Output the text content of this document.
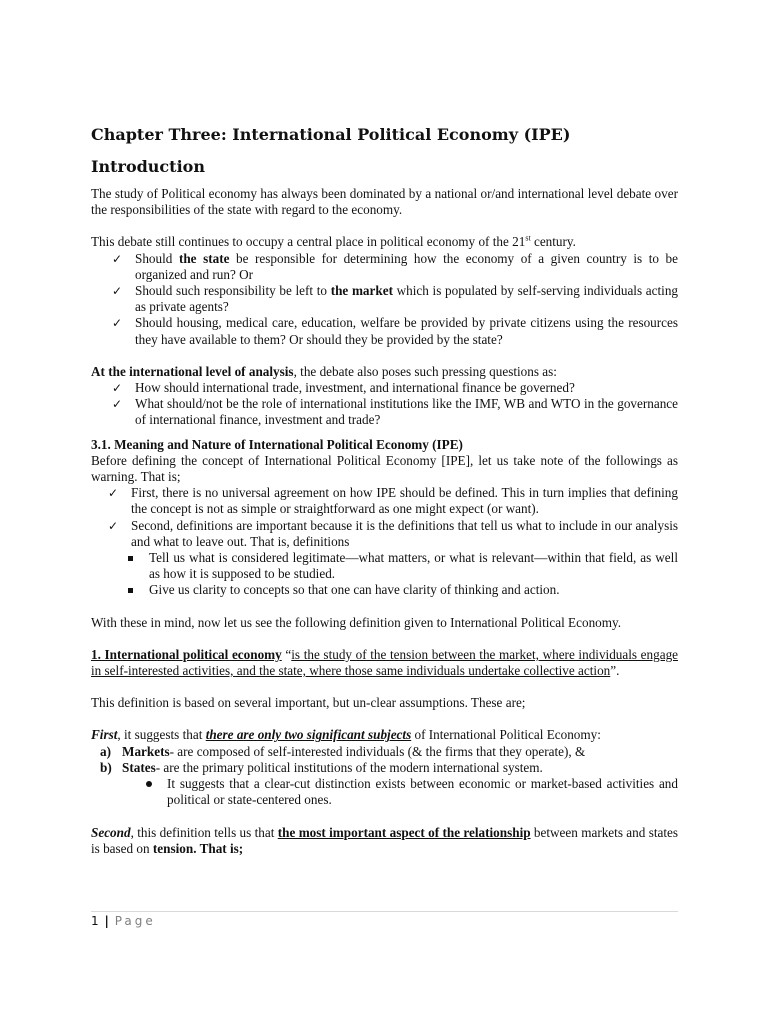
Chapter Three: International Political Economy (IPE)
Introduction

The study of Political economy has always been dominated by a national or/and international level debate over the responsibilities of the state with regard to the economy.

This debate still continues to occupy a central place in political economy of the 21st century.

✓ Should the state be responsible for determining how the economy of a given country is to be organized and run? Or
✓ Should such responsibility be left to the market which is populated by self-serving individuals acting as private agents?
✓ Should housing, medical care, education, welfare be provided by private citizens using the resources they have available to them? Or should they be provided by the state?

At the international level of analysis, the debate also poses such pressing questions as:

✓ How should international trade, investment, and international finance be governed?
✓ What should/not be the role of international institutions like the IMF, WB and WTO in the governance of international finance, investment and trade?

3.1. Meaning and Nature of International Political Economy (IPE)

Before defining the concept of International Political Economy [IPE], let us take note of the followings as warning. That is;

✓ First, there is no universal agreement on how IPE should be defined. This in turn implies that defining the concept is not as simple or straightforward as one might expect (or want).
✓ Second, definitions are important because it is the definitions that tell us what to include in our analysis and what to leave out. That is, definitions
Tell us what is considered legitimate—what matters, or what is relevant—within that field, as well as how it is supposed to be studied.
Give us clarity to concepts so that one can have clarity of thinking and action.

With these in mind, now let us see the following definition given to International Political Economy.

1. International political economy “is the study of the tension between the market, where individuals engage in self-interested activities, and the state, where those same individuals undertake collective action”.

This definition is based on several important, but un-clear assumptions. These are;

First, it suggests that there are only two significant subjects of International Political Economy:

a) Markets- are composed of self-interested individuals (& the firms that they operate), &
b) States- are the primary political institutions of the modern international system.
It suggests that a clear-cut distinction exists between economic or market-based activities and political or state-centered ones.

Second, this definition tells us that the most important aspect of the relationship between markets and states is based on tension. That is;

1 | Page
